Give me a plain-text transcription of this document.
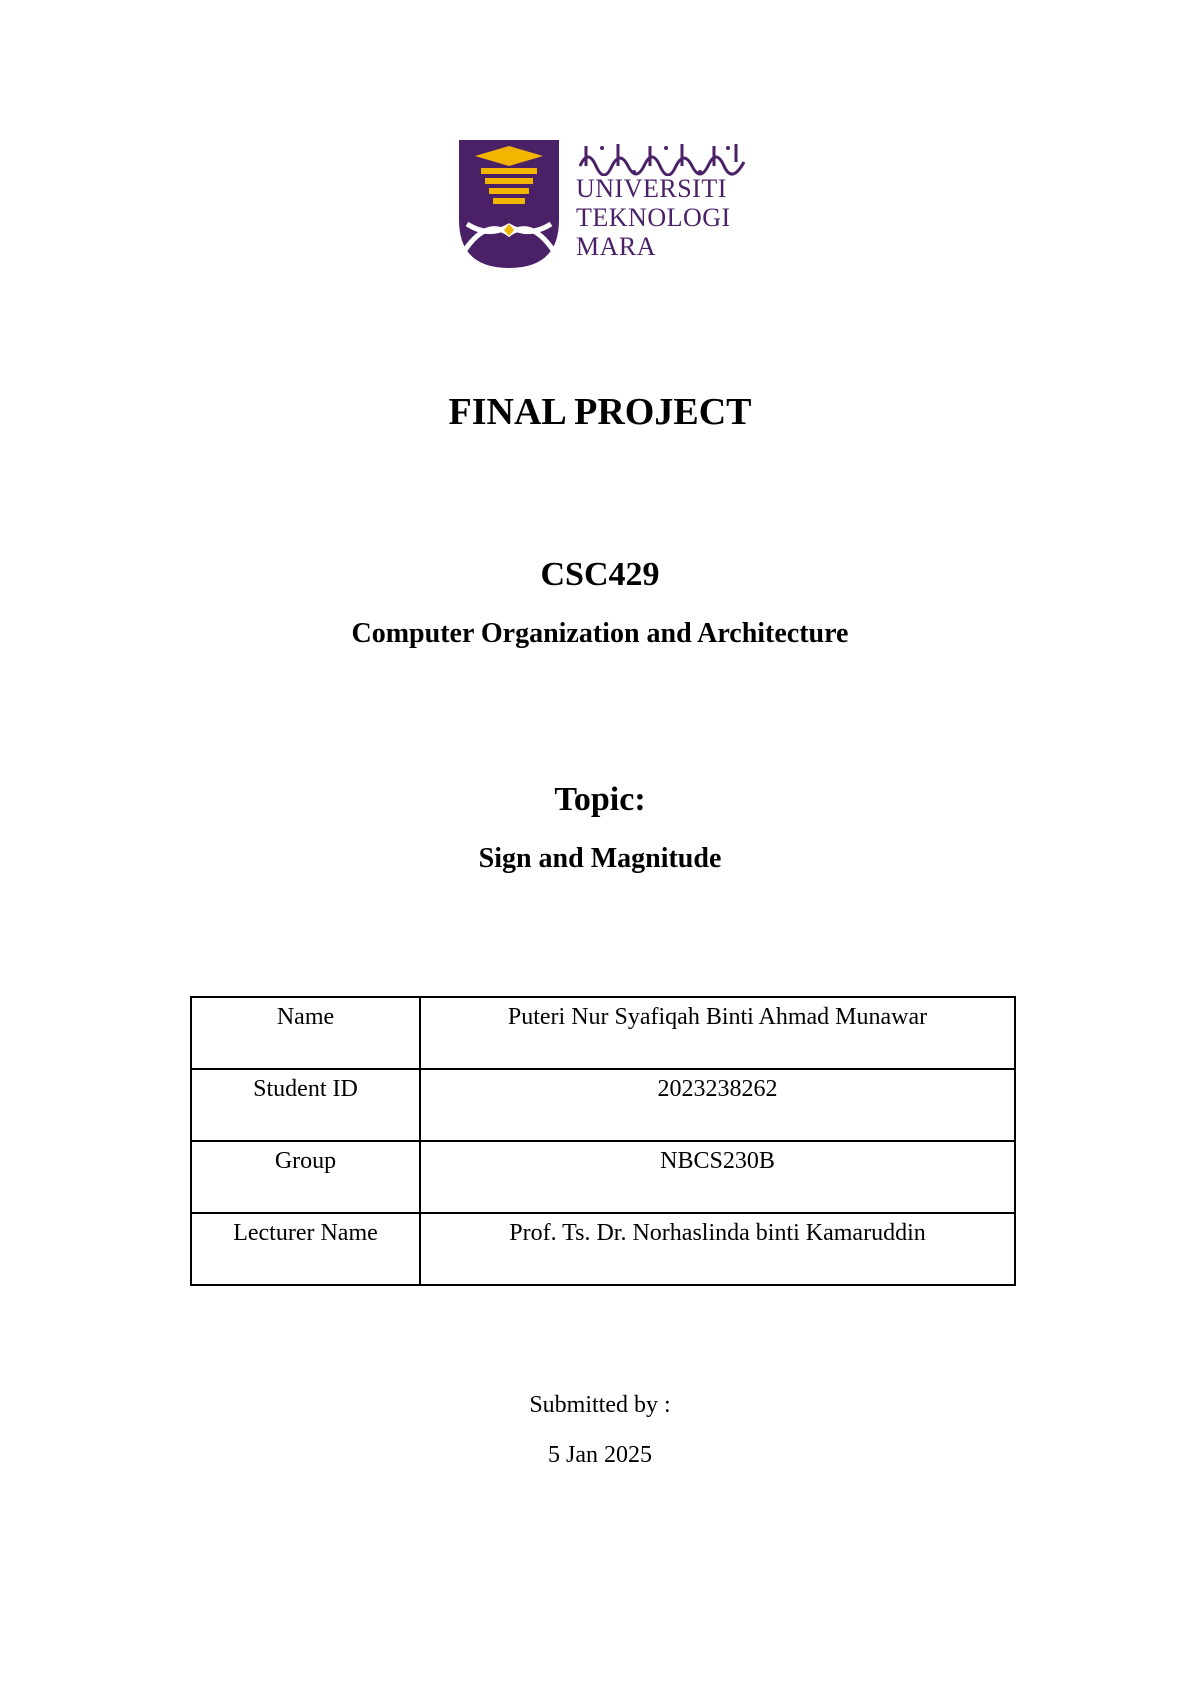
UNIVERSITI
TEKNOLOGI
MARA
FINAL PROJECT
CSC429
Computer Organization and Architecture
Topic:
Sign and Magnitude
Name	Puteri Nur Syafiqah Binti Ahmad Munawar
Student ID	2023238262
Group	NBCS230B
Lecturer Name	Prof. Ts. Dr. Norhaslinda binti Kamaruddin
Submitted by :
5 Jan 2025
